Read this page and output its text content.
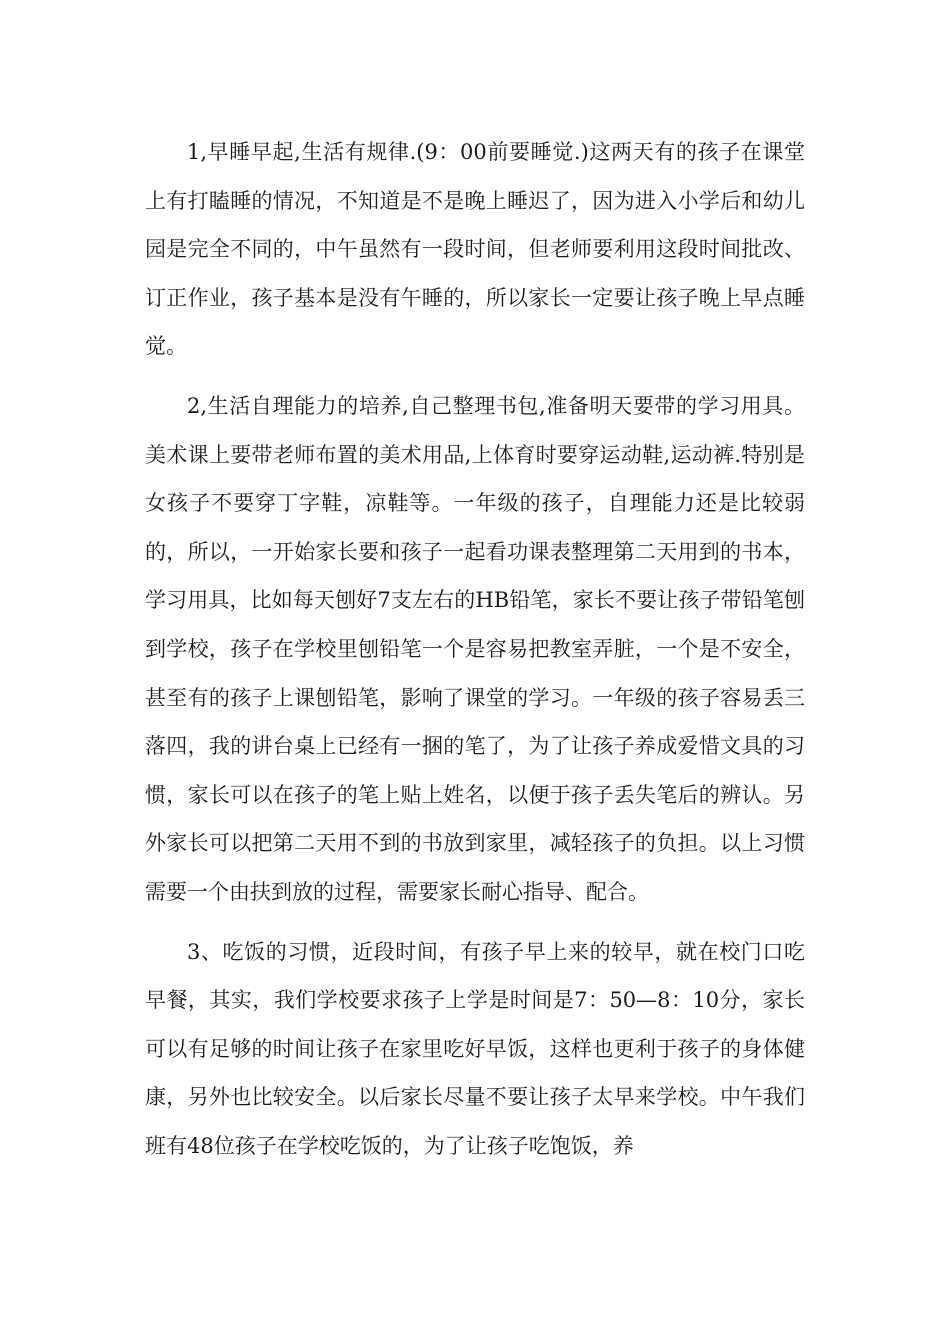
1,早睡早起,生活有规律.(9：00前要睡觉.)这两天有的孩子在课堂上有打瞌睡的情况，不知道是不是晚上睡迟了，因为进入小学后和幼儿园是完全不同的，中午虽然有一段时间，但老师要利用这段时间批改、订正作业，孩子基本是没有午睡的，所以家长一定要让孩子晚上早点睡觉。

2,生活自理能力的培养,自己整理书包,准备明天要带的学习用具。美术课上要带老师布置的美术用品,上体育时要穿运动鞋,运动裤.特别是女孩子不要穿丁字鞋，凉鞋等。一年级的孩子，自理能力还是比较弱的，所以，一开始家长要和孩子一起看功课表整理第二天用到的书本，学习用具，比如每天刨好7支左右的HB铅笔，家长不要让孩子带铅笔刨到学校，孩子在学校里刨铅笔一个是容易把教室弄脏，一个是不安全，甚至有的孩子上课刨铅笔，影响了课堂的学习。一年级的孩子容易丢三落四，我的讲台桌上已经有一捆的笔了，为了让孩子养成爱惜文具的习惯，家长可以在孩子的笔上贴上姓名，以便于孩子丢失笔后的辨认。另外家长可以把第二天用不到的书放到家里，减轻孩子的负担。以上习惯需要一个由扶到放的过程，需要家长耐心指导、配合。

3、吃饭的习惯，近段时间，有孩子早上来的较早，就在校门口吃早餐，其实，我们学校要求孩子上学是时间是7：50—8：10分，家长可以有足够的时间让孩子在家里吃好早饭，这样也更利于孩子的身体健康，另外也比较安全。以后家长尽量不要让孩子太早来学校。中午我们班有48位孩子在学校吃饭的，为了让孩子吃饱饭，养
